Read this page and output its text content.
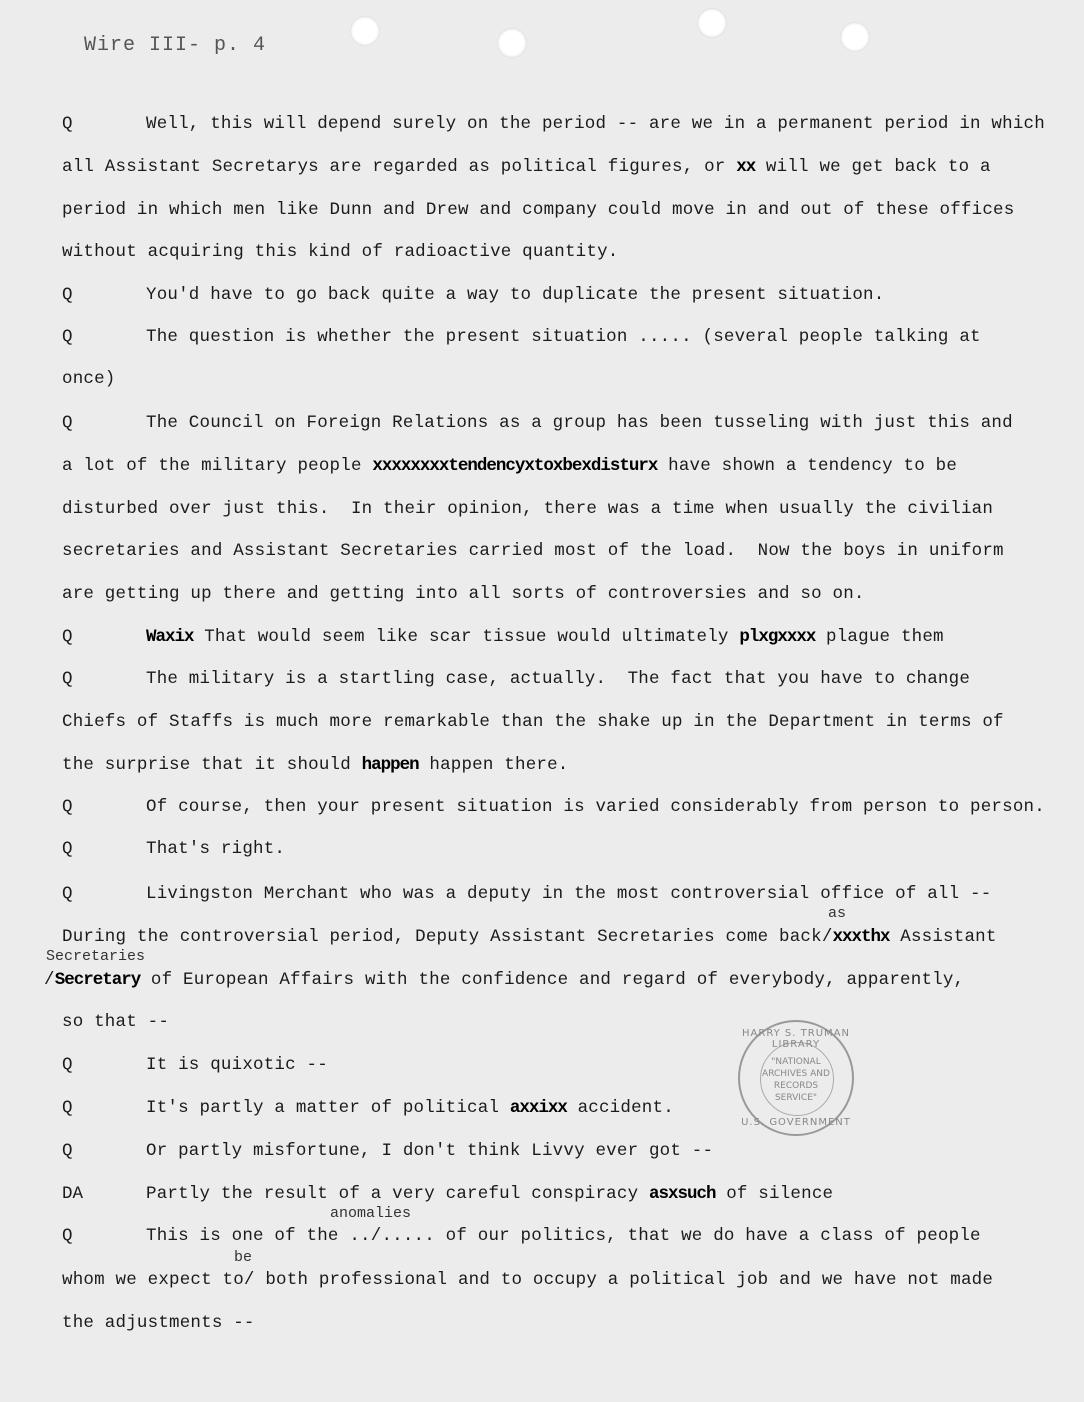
Wire III- p. 4
Q	Well, this will depend surely on the period -- are we in a permanent period in which
all Assistant Secretarys are regarded as political figures, or xx will we get back to a
period in which men like Dunn and Drew and company could move in and out of these offices
without acquiring this kind of radioactive quantity.
Q	You'd have to go back quite a way to duplicate the present situation.
Q	The question is whether the present situation ..... (several people talking at
once)
Q	The Council on Foreign Relations as a group has been tusseling with just this and
a lot of the military people xxxxxxxxtendencyxtoxbexdisturx have shown a tendency to be
disturbed over just this.  In their opinion, there was a time when usually the civilian
secretaries and Assistant Secretaries carried most of the load.  Now the boys in uniform
are getting up there and getting into all sorts of controversies and so on.
Q	Waxix That would seem like scar tissue would ultimately plxgxxxx plague them
Q	The military is a startling case, actually.  The fact that you have to change
Chiefs of Staffs is much more remarkable than the shake up in the Department in terms of
the surprise that it should happen happen there.
Q	Of course, then your present situation is varied considerably from person to person.
Q	That's right.
Q	Livingston Merchant who was a deputy in the most controversial office of all --
as
During the controversial period, Deputy Assistant Secretaries come back/xxxthx Assistant
Secretaries
/Secretary of European Affairs with the confidence and regard of everybody, apparently,
so that --
Q	It is quixotic --
Q	It's partly a matter of political axxixx accident.
Q	Or partly misfortune, I don't think Livvy ever got --
DA	Partly the result of a very careful conspiracy asxsuch of silence
anomalies
Q	This is one of the ../..... of our politics, that we do have a class of people
be
whom we expect to/ both professional and to occupy a political job and we have not made
the adjustments --
HARRY S. TRUMAN LIBRARY
"NATIONAL ARCHIVES AND RECORDS SERVICE"
U.S. GOVERNMENT
